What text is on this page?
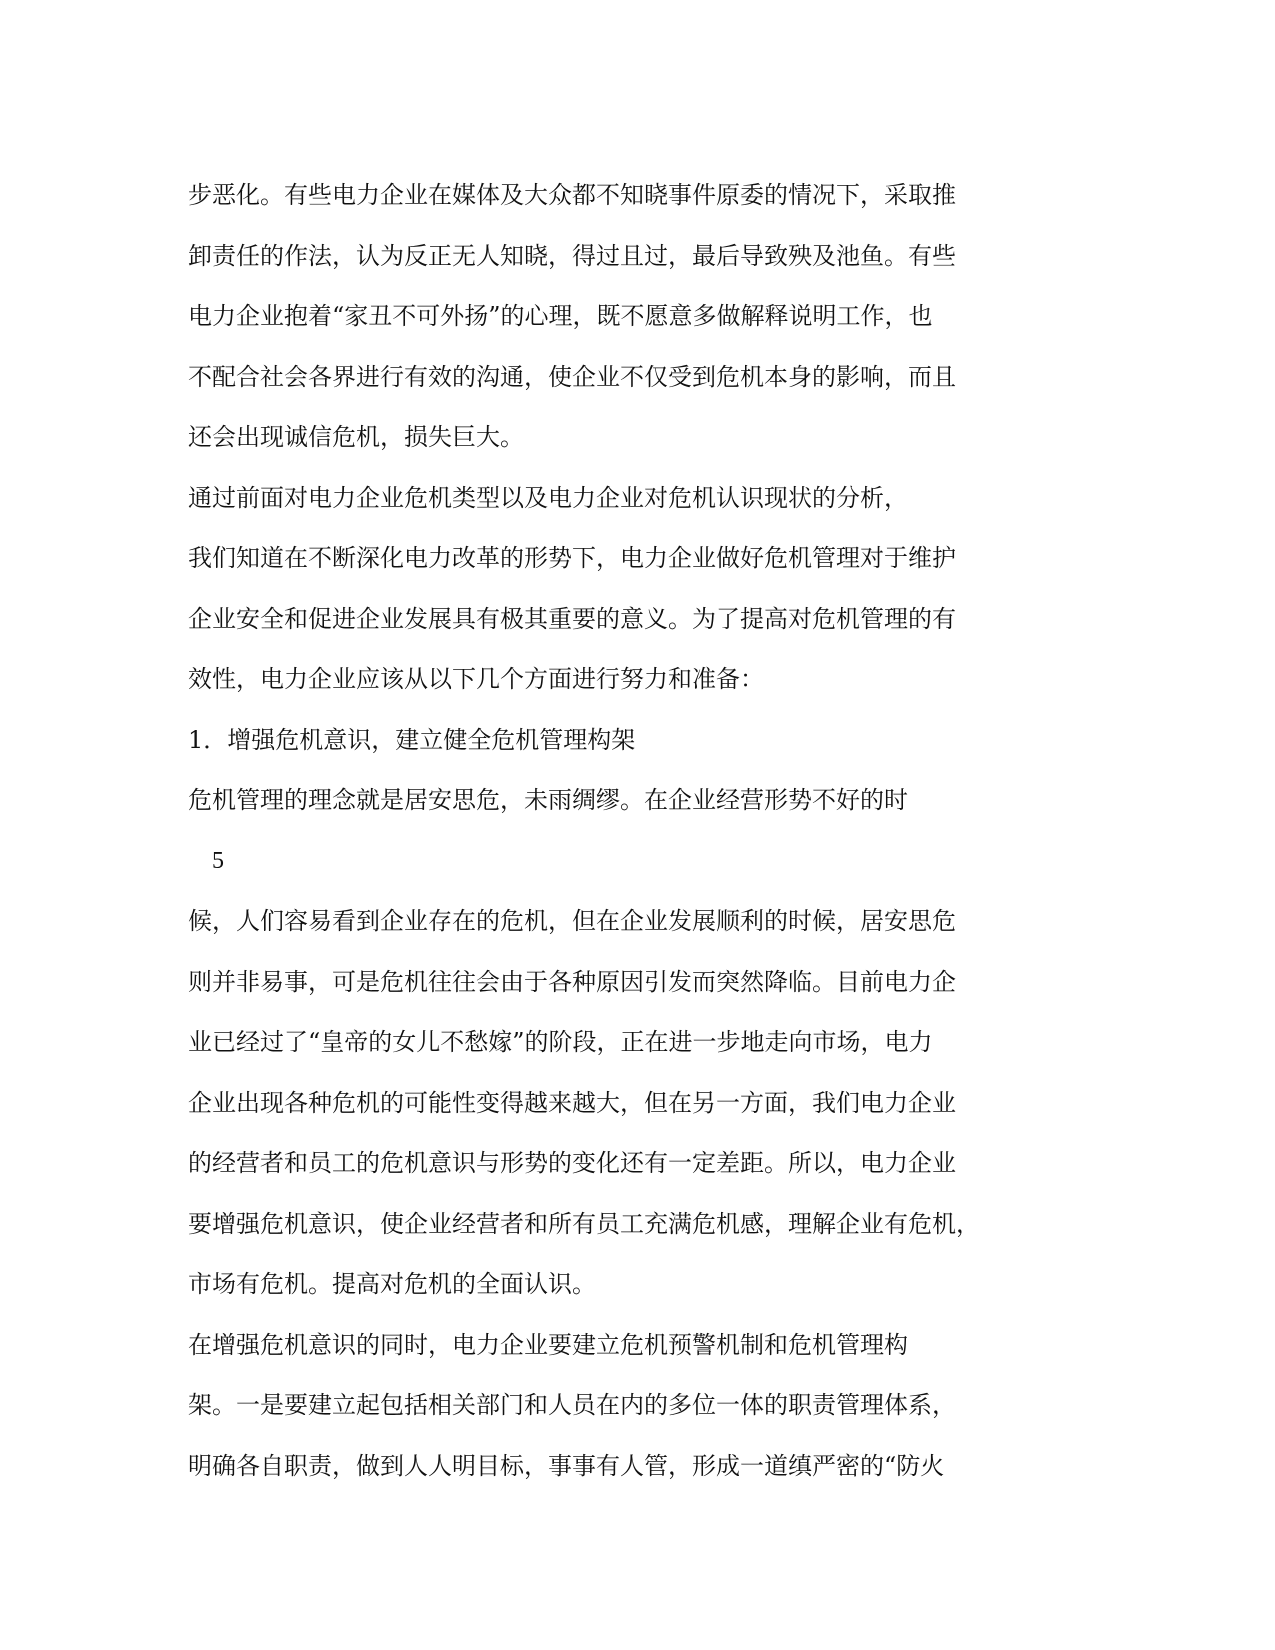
步恶化。有些电力企业在媒体及大众都不知晓事件原委的情况下，采取推

卸责任的作法，认为反正无人知晓，得过且过，最后导致殃及池鱼。有些

电力企业抱着“家丑不可外扬”的心理，既不愿意多做解释说明工作，也

不配合社会各界进行有效的沟通，使企业不仅受到危机本身的影响，而且

还会出现诚信危机，损失巨大。

通过前面对电力企业危机类型以及电力企业对危机认识现状的分析，

我们知道在不断深化电力改革的形势下，电力企业做好危机管理对于维护

企业安全和促进企业发展具有极其重要的意义。为了提高对危机管理的有

效性，电力企业应该从以下几个方面进行努力和准备：

1．增强危机意识，建立健全危机管理构架

危机管理的理念就是居安思危，未雨绸缪。在企业经营形势不好的时

5

候，人们容易看到企业存在的危机，但在企业发展顺利的时候，居安思危

则并非易事，可是危机往往会由于各种原因引发而突然降临。目前电力企

业已经过了“皇帝的女儿不愁嫁”的阶段，正在进一步地走向市场，电力

企业出现各种危机的可能性变得越来越大，但在另一方面，我们电力企业

的经营者和员工的危机意识与形势的变化还有一定差距。所以，电力企业

要增强危机意识，使企业经营者和所有员工充满危机感，理解企业有危机，

市场有危机。提高对危机的全面认识。

在增强危机意识的同时，电力企业要建立危机预警机制和危机管理构

架。一是要建立起包括相关部门和人员在内的多位一体的职责管理体系，

明确各自职责，做到人人明目标，事事有人管，形成一道缜严密的“防火
